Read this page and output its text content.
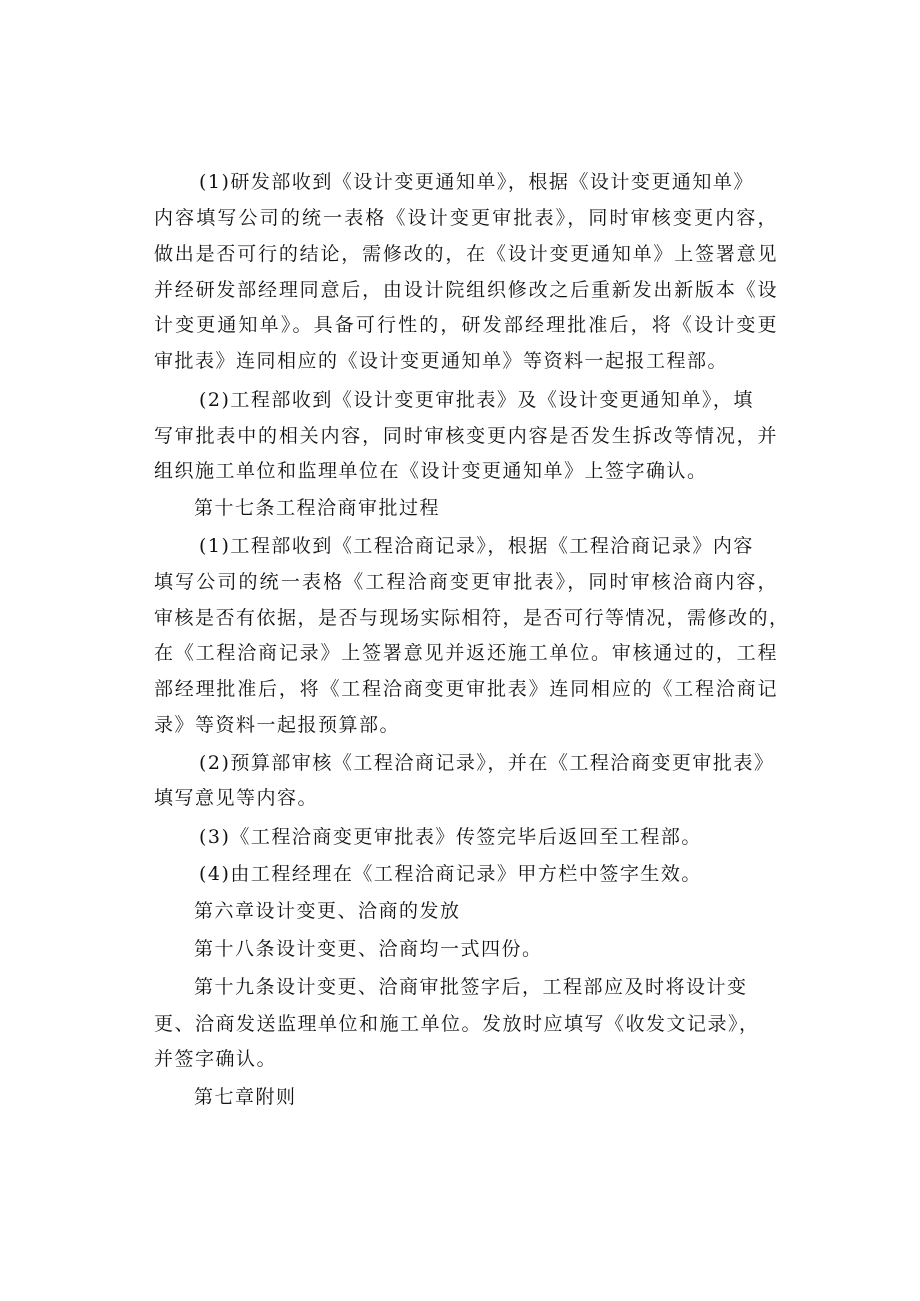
(1)研发部收到《设计变更通知单》，根据《设计变更通知单》
内容填写公司的统一表格《设计变更审批表》，同时审核变更内容，
做出是否可行的结论，需修改的，在《设计变更通知单》上签署意见
并经研发部经理同意后，由设计院组织修改之后重新发出新版本《设
计变更通知单》。具备可行性的，研发部经理批准后，将《设计变更
审批表》连同相应的《设计变更通知单》等资料一起报工程部。
(2)工程部收到《设计变更审批表》及《设计变更通知单》，填
写审批表中的相关内容，同时审核变更内容是否发生拆改等情况，并
组织施工单位和监理单位在《设计变更通知单》上签字确认。
第十七条工程洽商审批过程
(1)工程部收到《工程洽商记录》，根据《工程洽商记录》内容
填写公司的统一表格《工程洽商变更审批表》，同时审核洽商内容，
审核是否有依据，是否与现场实际相符，是否可行等情况，需修改的，
在《工程洽商记录》上签署意见并返还施工单位。审核通过的，工程
部经理批准后，将《工程洽商变更审批表》连同相应的《工程洽商记
录》等资料一起报预算部。
(2)预算部审核《工程洽商记录》，并在《工程洽商变更审批表》
填写意见等内容。
(3)《工程洽商变更审批表》传签完毕后返回至工程部。
(4)由工程经理在《工程洽商记录》甲方栏中签字生效。
第六章设计变更、洽商的发放
第十八条设计变更、洽商均一式四份。
第十九条设计变更、洽商审批签字后，工程部应及时将设计变
更、洽商发送监理单位和施工单位。发放时应填写《收发文记录》，
并签字确认。
第七章附则
